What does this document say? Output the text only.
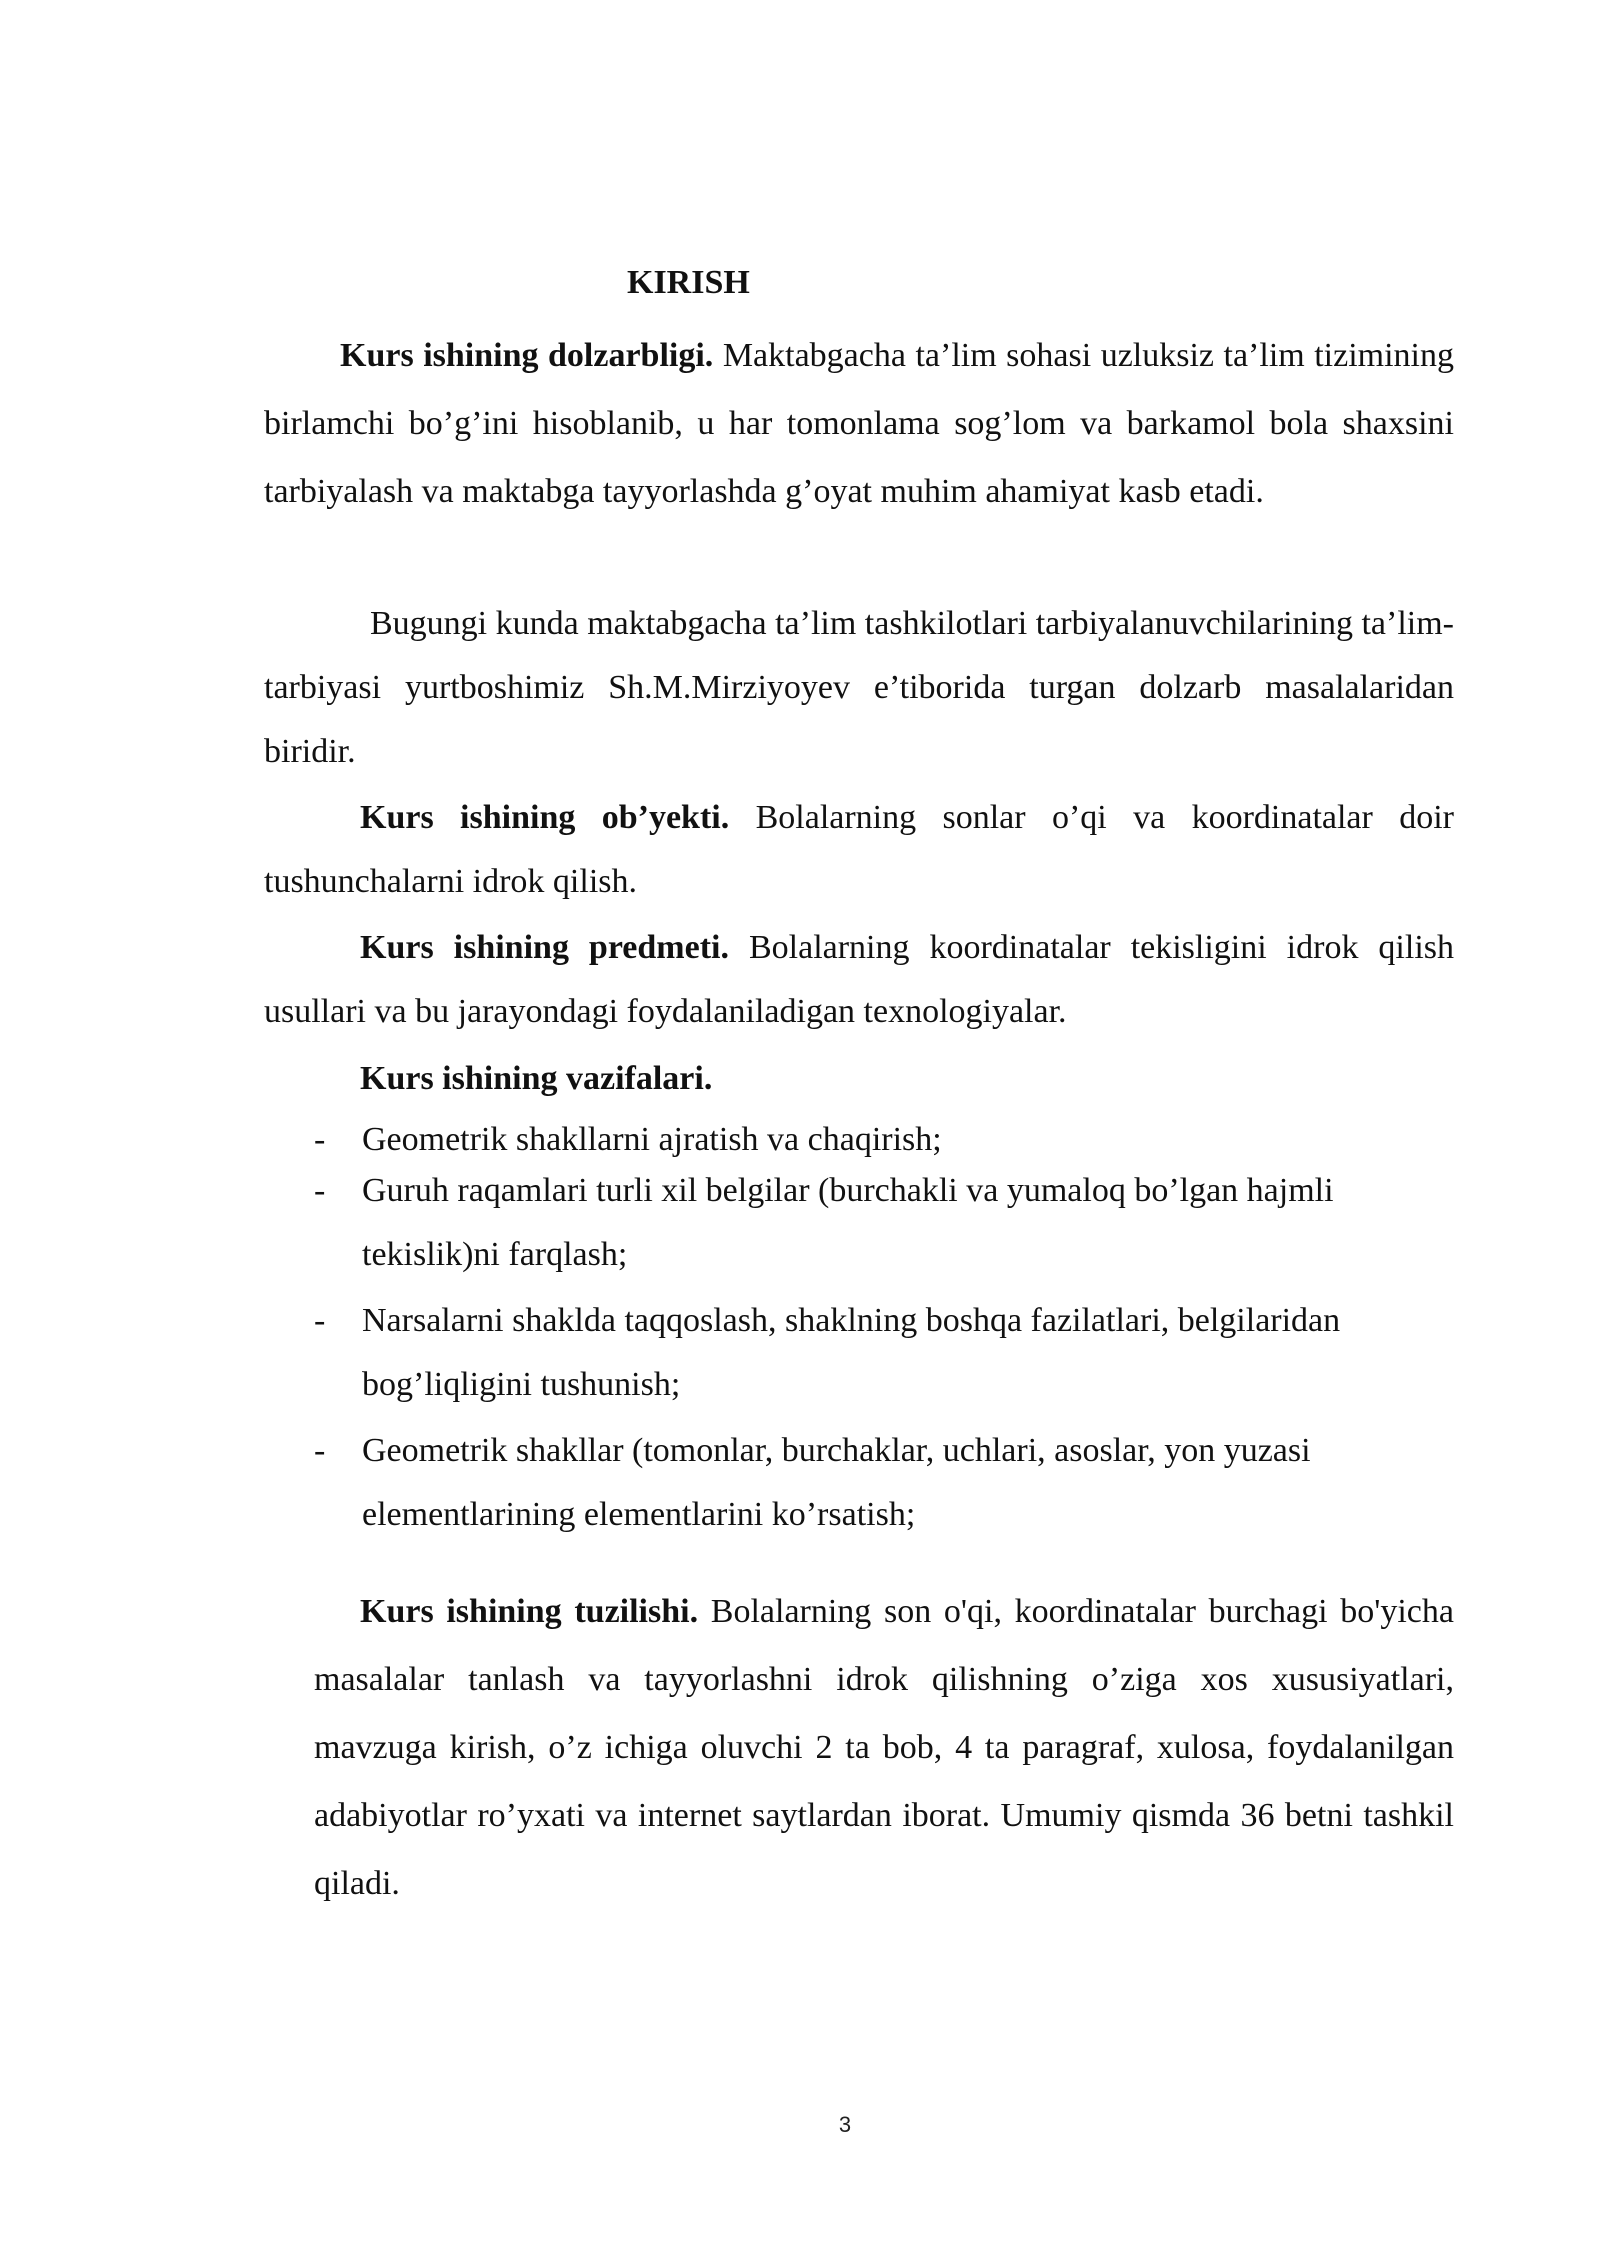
KIRISH

Kurs ishining dolzarbligi. Maktabgacha ta’lim sohasi uzluksiz ta’lim tizimining birlamchi bo’g’ini hisoblanib, u har tomonlama sog’lom va barkamol bola shaxsini tarbiyalash va maktabga tayyorlashda g’oyat muhim ahamiyat kasb etadi.

Bugungi kunda maktabgacha ta’lim tashkilotlari tarbiyalanuvchilarining ta’lim-tarbiyasi yurtboshimiz Sh.M.Mirziyoyev e’tiborida turgan dolzarb masalalaridan biridir.

Kurs ishining ob’yekti. Bolalarning sonlar o’qi va koordinatalar doir tushunchalarni idrok qilish.

Kurs ishining predmeti. Bolalarning koordinatalar tekisligini idrok qilish usullari va bu jarayondagi foydalaniladigan texnologiyalar.

Kurs ishining vazifalari.

- Geometrik shakllarni ajratish va chaqirish;
- Guruh raqamlari turli xil belgilar (burchakli va yumaloq bo’lgan hajmli tekislik)ni farqlash;
- Narsalarni shaklda taqqoslash, shaklning boshqa fazilatlari, belgilaridan bog’liqligini tushunish;
- Geometrik shakllar (tomonlar, burchaklar, uchlari, asoslar, yon yuzasi elementlarining elementlarini ko’rsatish;

Kurs ishining tuzilishi. Bolalarning son o'qi, koordinatalar burchagi bo'yicha masalalar tanlash va tayyorlashni idrok qilishning o’ziga xos xususiyatlari, mavzuga kirish, o’z ichiga oluvchi 2 ta bob, 4 ta paragraf, xulosa, foydalanilgan adabiyotlar ro’yxati va internet saytlardan iborat. Umumiy qismda 36 betni tashkil qiladi.

3
